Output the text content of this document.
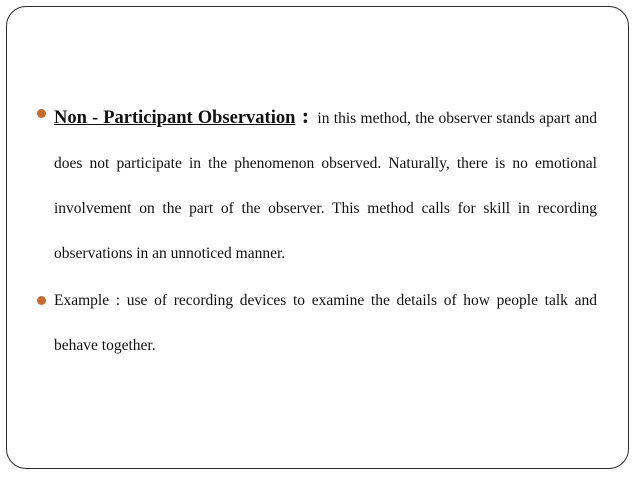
Non - Participant Observation : in this method, the observer stands apart and does not participate in the phenomenon observed. Naturally, there is no emotional involvement on the part of the observer. This method calls for skill in recording observations in an unnoticed manner.

Example : use of recording devices to examine the details of how people talk and behave together.
